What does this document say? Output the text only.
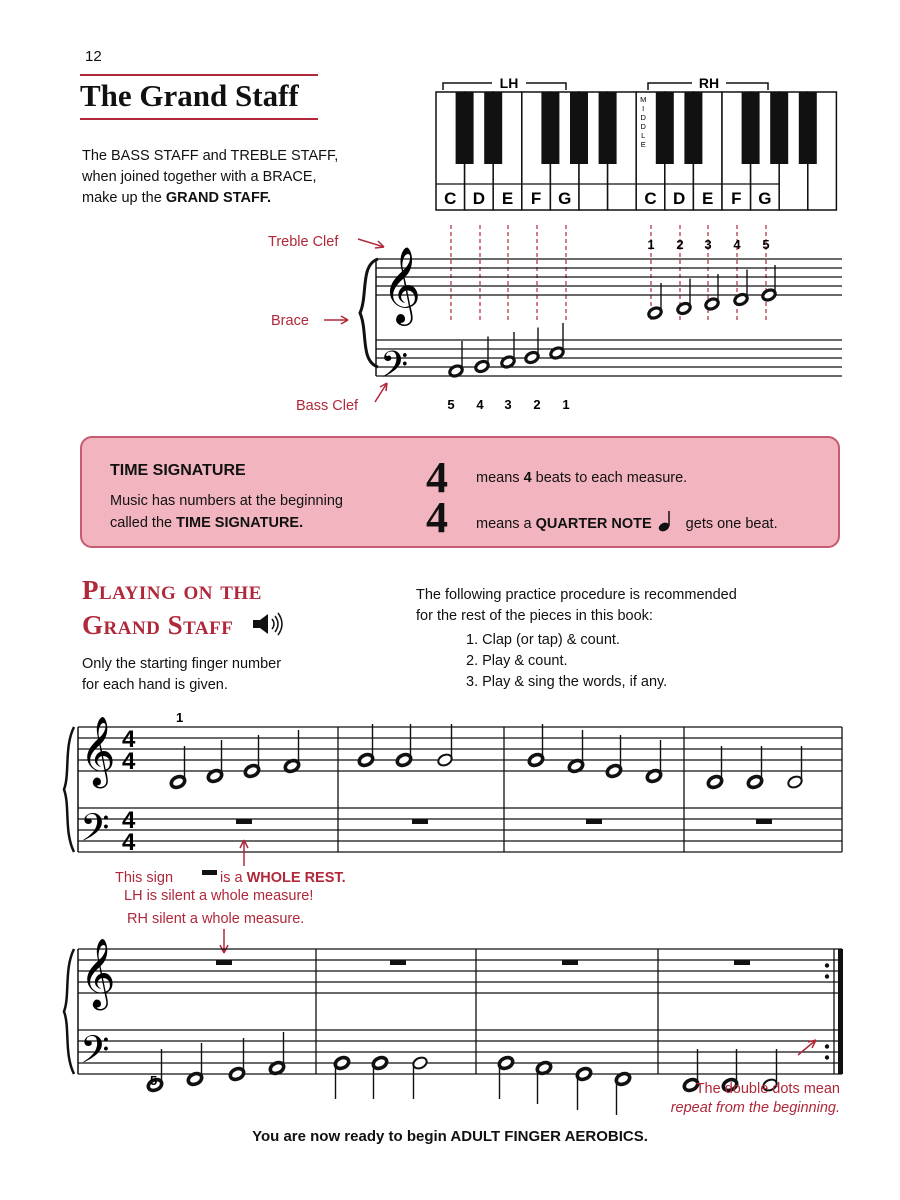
12
The Grand Staff
The BASS STAFF and TREBLE STAFF,
when joined together with a BRACE,
make up the GRAND STAFF.
LH	RH
C D E F G	C D E F G
M I D D L E
𝄞
𝄢
1 2 3 4 5
5 4 3 2 1
Treble Clef
Brace
Bass Clef
TIME SIGNATURE
Music has numbers at the beginning
called the TIME SIGNATURE.
4
4
means 4 beats to each measure.
means a QUARTER NOTE gets one beat.
Playing on the
Grand Staff
Only the starting finger number
for each hand is given.
The following practice procedure is recommended
for the rest of the pieces in this book:
1. Clap (or tap) & count.
2. Play & count.
3. Play & sing the words, if any.
𝄞
𝄢
4
4
4
4
1
This sign	is a WHOLE REST.
LH is silent a whole measure!
RH silent a whole measure.
𝄞
𝄢
5
The double dots mean
repeat from the beginning.
You are now ready to begin ADULT FINGER AEROBICS.
